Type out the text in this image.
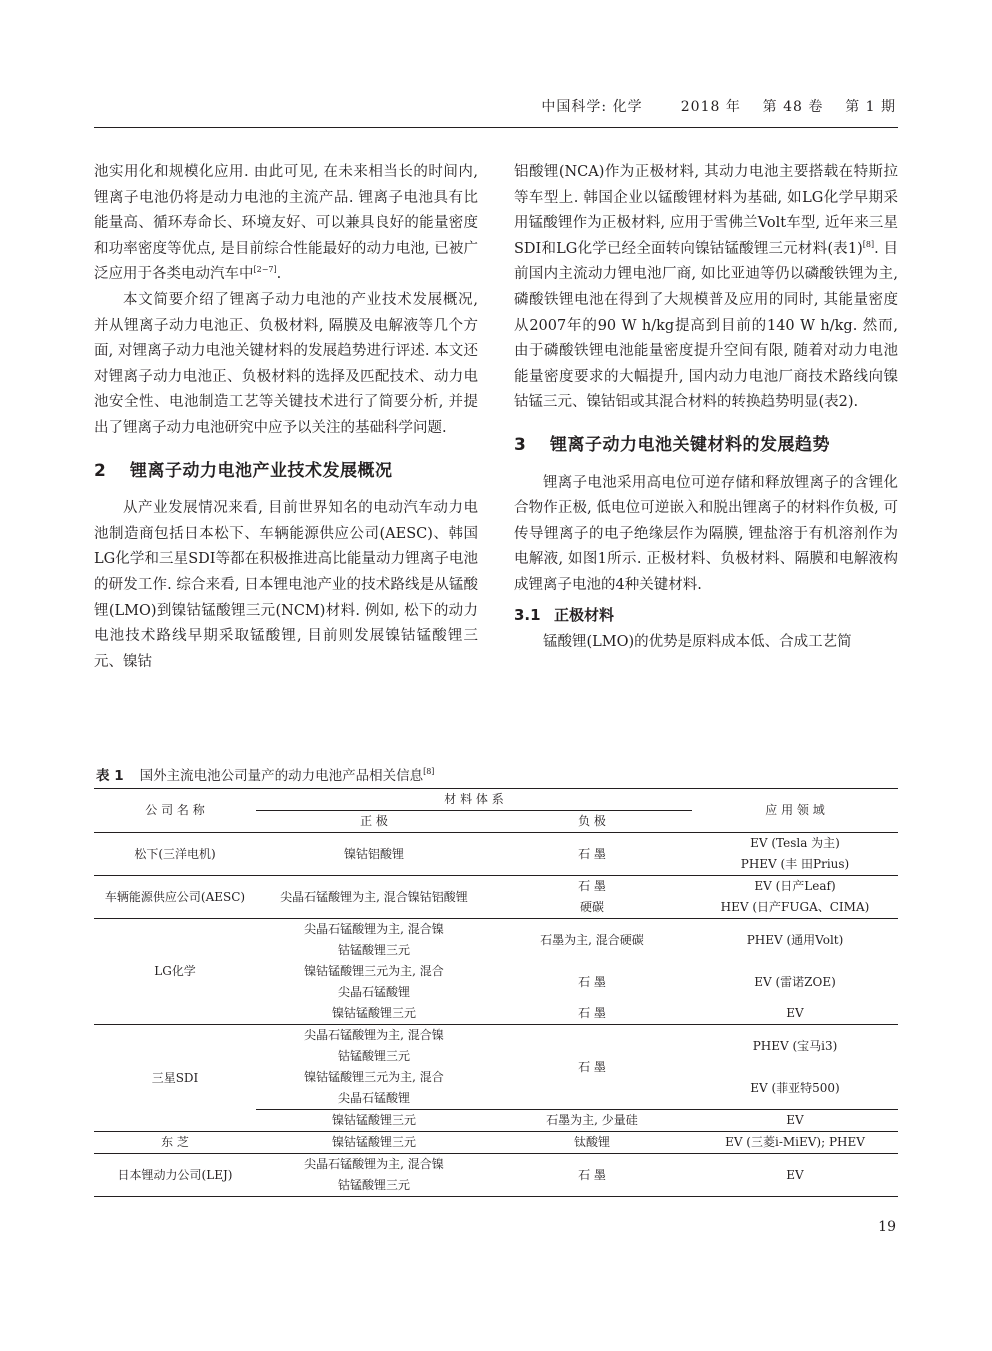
中国科学: 化学	2018 年 第 48 卷 第 1 期

池实用化和规模化应用. 由此可见, 在未来相当长的时间内, 锂离子电池仍将是动力电池的主流产品. 锂离子电池具有比能量高、循环寿命长、环境友好、可以兼具良好的能量密度和功率密度等优点, 是目前综合性能最好的动力电池, 已被广泛应用于各类电动汽车中[2−7].

本文简要介绍了锂离子动力电池的产业技术发展概况, 并从锂离子动力电池正、负极材料, 隔膜及电解液等几个方面, 对锂离子动力电池关键材料的发展趋势进行评述. 本文还对锂离子动力电池正、负极材料的选择及匹配技术、动力电池安全性、电池制造工艺等关键技术进行了简要分析, 并提出了锂离子动力电池研究中应予以关注的基础科学问题.

2 锂离子动力电池产业技术发展概况

从产业发展情况来看, 目前世界知名的电动汽车动力电池制造商包括日本松下、车辆能源供应公司(AESC)、韩国LG化学和三星SDI等都在积极推进高比能量动力锂离子电池的研发工作. 综合来看, 日本锂电池产业的技术路线是从锰酸锂(LMO)到镍钴锰酸锂三元(NCM)材料. 例如, 松下的动力电池技术路线早期采取锰酸锂, 目前则发展镍钴锰酸锂三元、镍钴

铝酸锂(NCA)作为正极材料, 其动力电池主要搭载在特斯拉等车型上. 韩国企业以锰酸锂材料为基础, 如LG化学早期采用锰酸锂作为正极材料, 应用于雪佛兰Volt车型, 近年来三星SDI和LG化学已经全面转向镍钴锰酸锂三元材料(表1)[8]. 目前国内主流动力锂电池厂商, 如比亚迪等仍以磷酸铁锂为主, 磷酸铁锂电池在得到了大规模普及应用的同时, 其能量密度从2007年的90 W h/kg提高到目前的140 W h/kg. 然而, 由于磷酸铁锂电池能量密度提升空间有限, 随着对动力电池能量密度要求的大幅提升, 国内动力电池厂商技术路线向镍钴锰三元、镍钴铝或其混合材料的转换趋势明显(表2).

3 锂离子动力电池关键材料的发展趋势

锂离子电池采用高电位可逆存储和释放锂离子的含锂化合物作正极, 低电位可逆嵌入和脱出锂离子的材料作负极, 可传导锂离子的电子绝缘层作为隔膜, 锂盐溶于有机溶剂作为电解液, 如图1所示. 正极材料、负极材料、隔膜和电解液构成锂离子电池的4种关键材料.

3.1 正极材料

锰酸锂(LMO)的优势是原料成本低、合成工艺简

表 1 国外主流电池公司量产的动力电池产品相关信息[8]
公 司 名 称	材 料 体 系		应 用 领 域
	正 极	负 极	
松下(三洋电机)	镍钴铝酸锂	石 墨	EV (Tesla 为主)
			PHEV (丰 田Prius)
车辆能源供应公司(AESC)	尖晶石锰酸锂为主, 混合镍钴铝酸锂	石 墨	EV (日产Leaf)
		硬碳	HEV (日产FUGA、CIMA)
LG化学	尖晶石锰酸锂为主, 混合镍	石墨为主, 混合硬碳	PHEV (通用Volt)
	钴锰酸锂三元		
	镍钴锰酸锂三元为主, 混合	石 墨	EV (雷诺ZOE)
	尖晶石锰酸锂		
	镍钴锰酸锂三元	石 墨	EV
三星SDI	尖晶石锰酸锂为主, 混合镍	石 墨	PHEV (宝马i3)
	钴锰酸锂三元		
	镍钴锰酸锂三元为主, 混合		EV (菲亚特500)
	尖晶石锰酸锂		
	镍钴锰酸锂三元	石墨为主, 少量硅	EV
东 芝	镍钴锰酸锂三元	钛酸锂	EV (三菱i-MiEV); PHEV
日本锂动力公司(LEJ)	尖晶石锰酸锂为主, 混合镍	石 墨	EV
	钴锰酸锂三元		
19
